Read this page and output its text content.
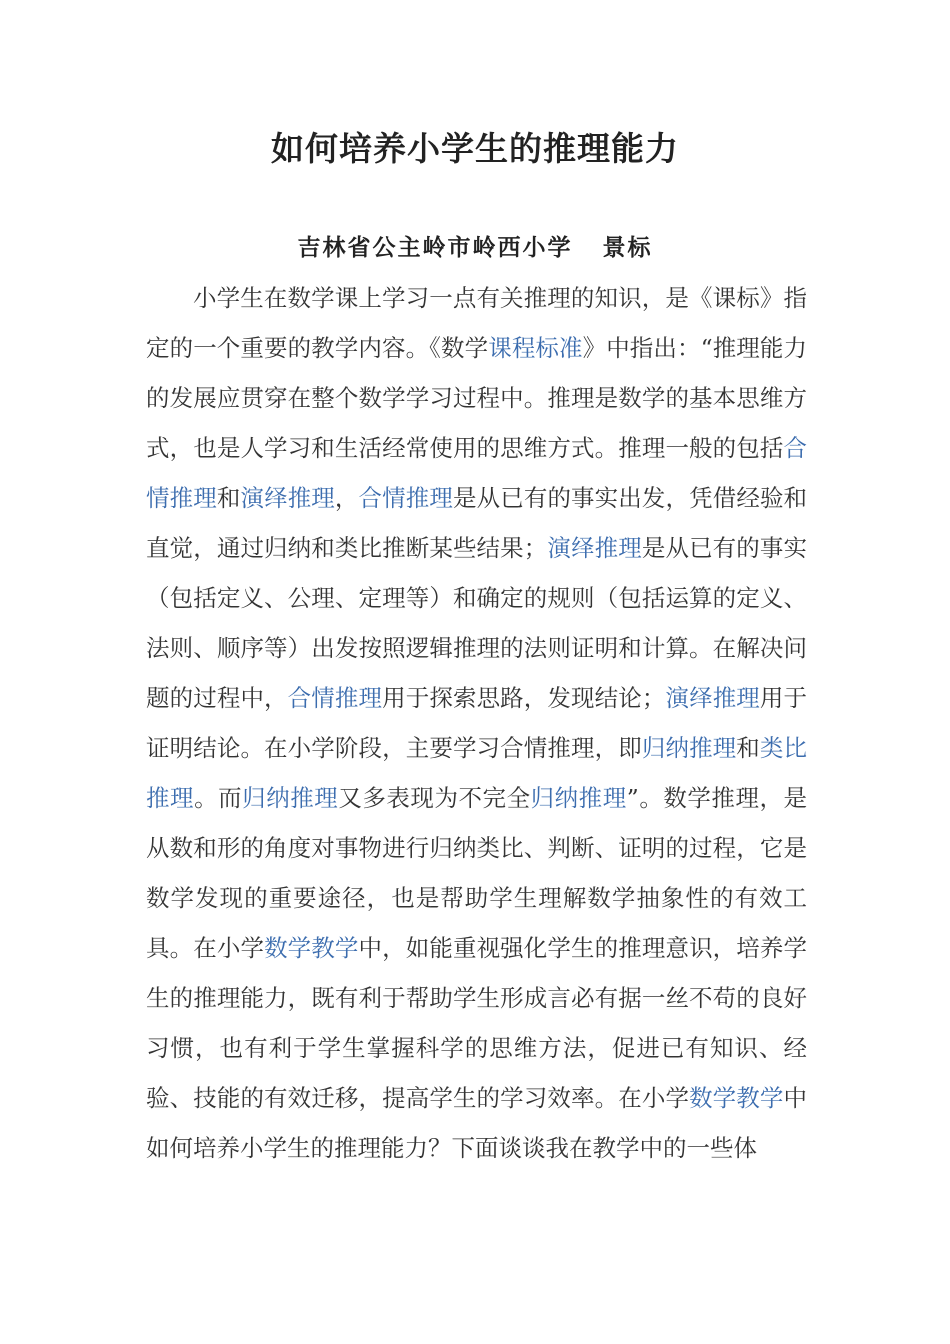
如何培养小学生的推理能力
吉林省公主岭市岭西小学 景标

小学生在数学课上学习一点有关推理的知识，是《课标》指定的一个重要的教学内容。《数学课程标准》中指出：“推理能力的发展应贯穿在整个数学学习过程中。推理是数学的基本思维方式，也是人学习和生活经常使用的思维方式。推理一般的包括合情推理和演绎推理，合情推理是从已有的事实出发，凭借经验和直觉，通过归纳和类比推断某些结果；演绎推理是从已有的事实（包括定义、公理、定理等）和确定的规则（包括运算的定义、法则、顺序等）出发按照逻辑推理的法则证明和计算。在解决问题的过程中，合情推理用于探索思路，发现结论；演绎推理用于证明结论。在小学阶段，主要学习合情推理，即归纳推理和类比推理。而归纳推理又多表现为不完全归纳推理”。数学推理，是从数和形的角度对事物进行归纳类比、判断、证明的过程，它是数学发现的重要途径，也是帮助学生理解数学抽象性的有效工具。在小学数学教学中，如能重视强化学生的推理意识，培养学生的推理能力，既有利于帮助学生形成言必有据一丝不苟的良好习惯，也有利于学生掌握科学的思维方法，促进已有知识、经验、技能的有效迁移，提高学生的学习效率。在小学数学教学中如何培养小学生的推理能力？下面谈谈我在教学中的一些体
